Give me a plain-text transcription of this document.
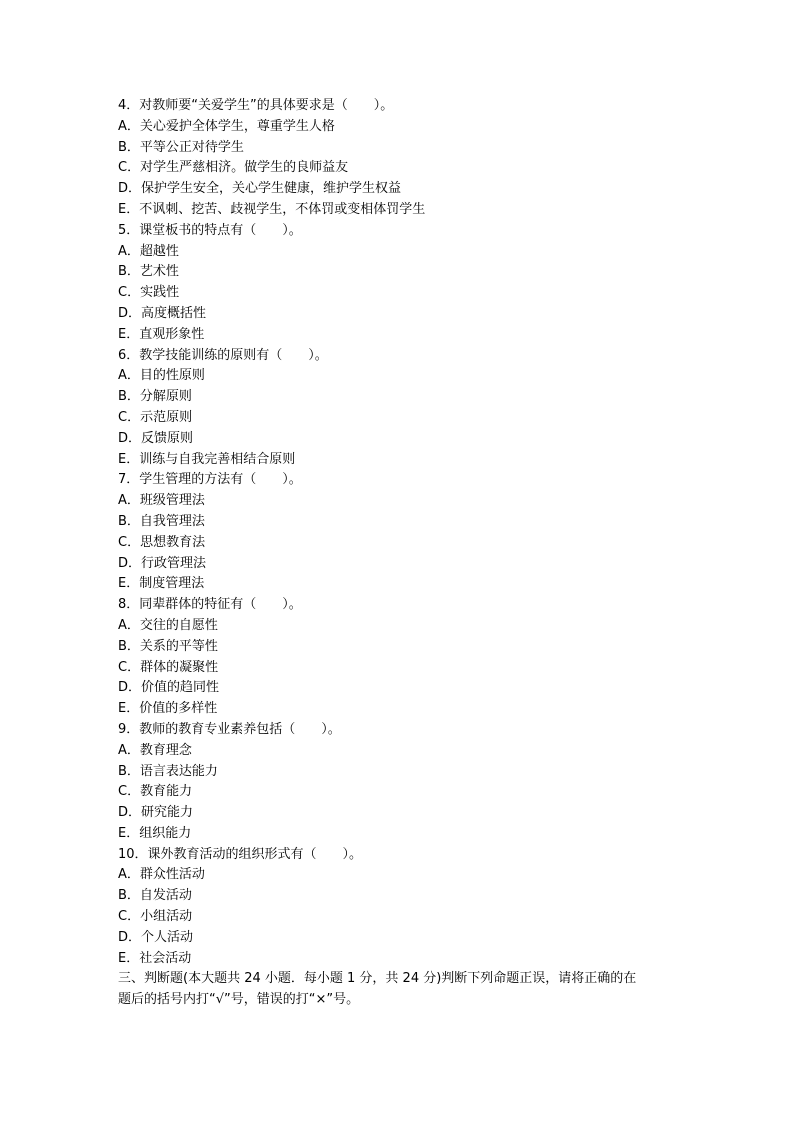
4．对教师要“关爱学生”的具体要求是（　　）。
A．关心爱护全体学生，尊重学生人格
B．平等公正对待学生
C．对学生严慈相济。做学生的良师益友
D．保护学生安全，关心学生健康，维护学生权益
E．不讽刺、挖苦、歧视学生，不体罚或变相体罚学生
5．课堂板书的特点有（　　）。
A．超越性
B．艺术性
C．实践性
D．高度概括性
E．直观形象性
6．教学技能训练的原则有（　　）。
A．目的性原则
B．分解原则
C．示范原则
D．反馈原则
E．训练与自我完善相结合原则
7．学生管理的方法有（　　）。
A．班级管理法
B．自我管理法
C．思想教育法
D．行政管理法
E．制度管理法
8．同辈群体的特征有（　　）。
A．交往的自愿性
B．关系的平等性
C．群体的凝聚性
D．价值的趋同性
E．价值的多样性
9．教师的教育专业素养包括（　　）。
A．教育理念
B．语言表达能力
C．教育能力
D．研究能力
E．组织能力
10．课外教育活动的组织形式有（　　）。
A．群众性活动
B．自发活动
C．小组活动
D．个人活动
E．社会活动
三、判断题(本大题共 24 小题．每小题 1 分，共 24 分)判断下列命题正误，请将正确的在
题后的括号内打“√”号，错误的打“×”号。
